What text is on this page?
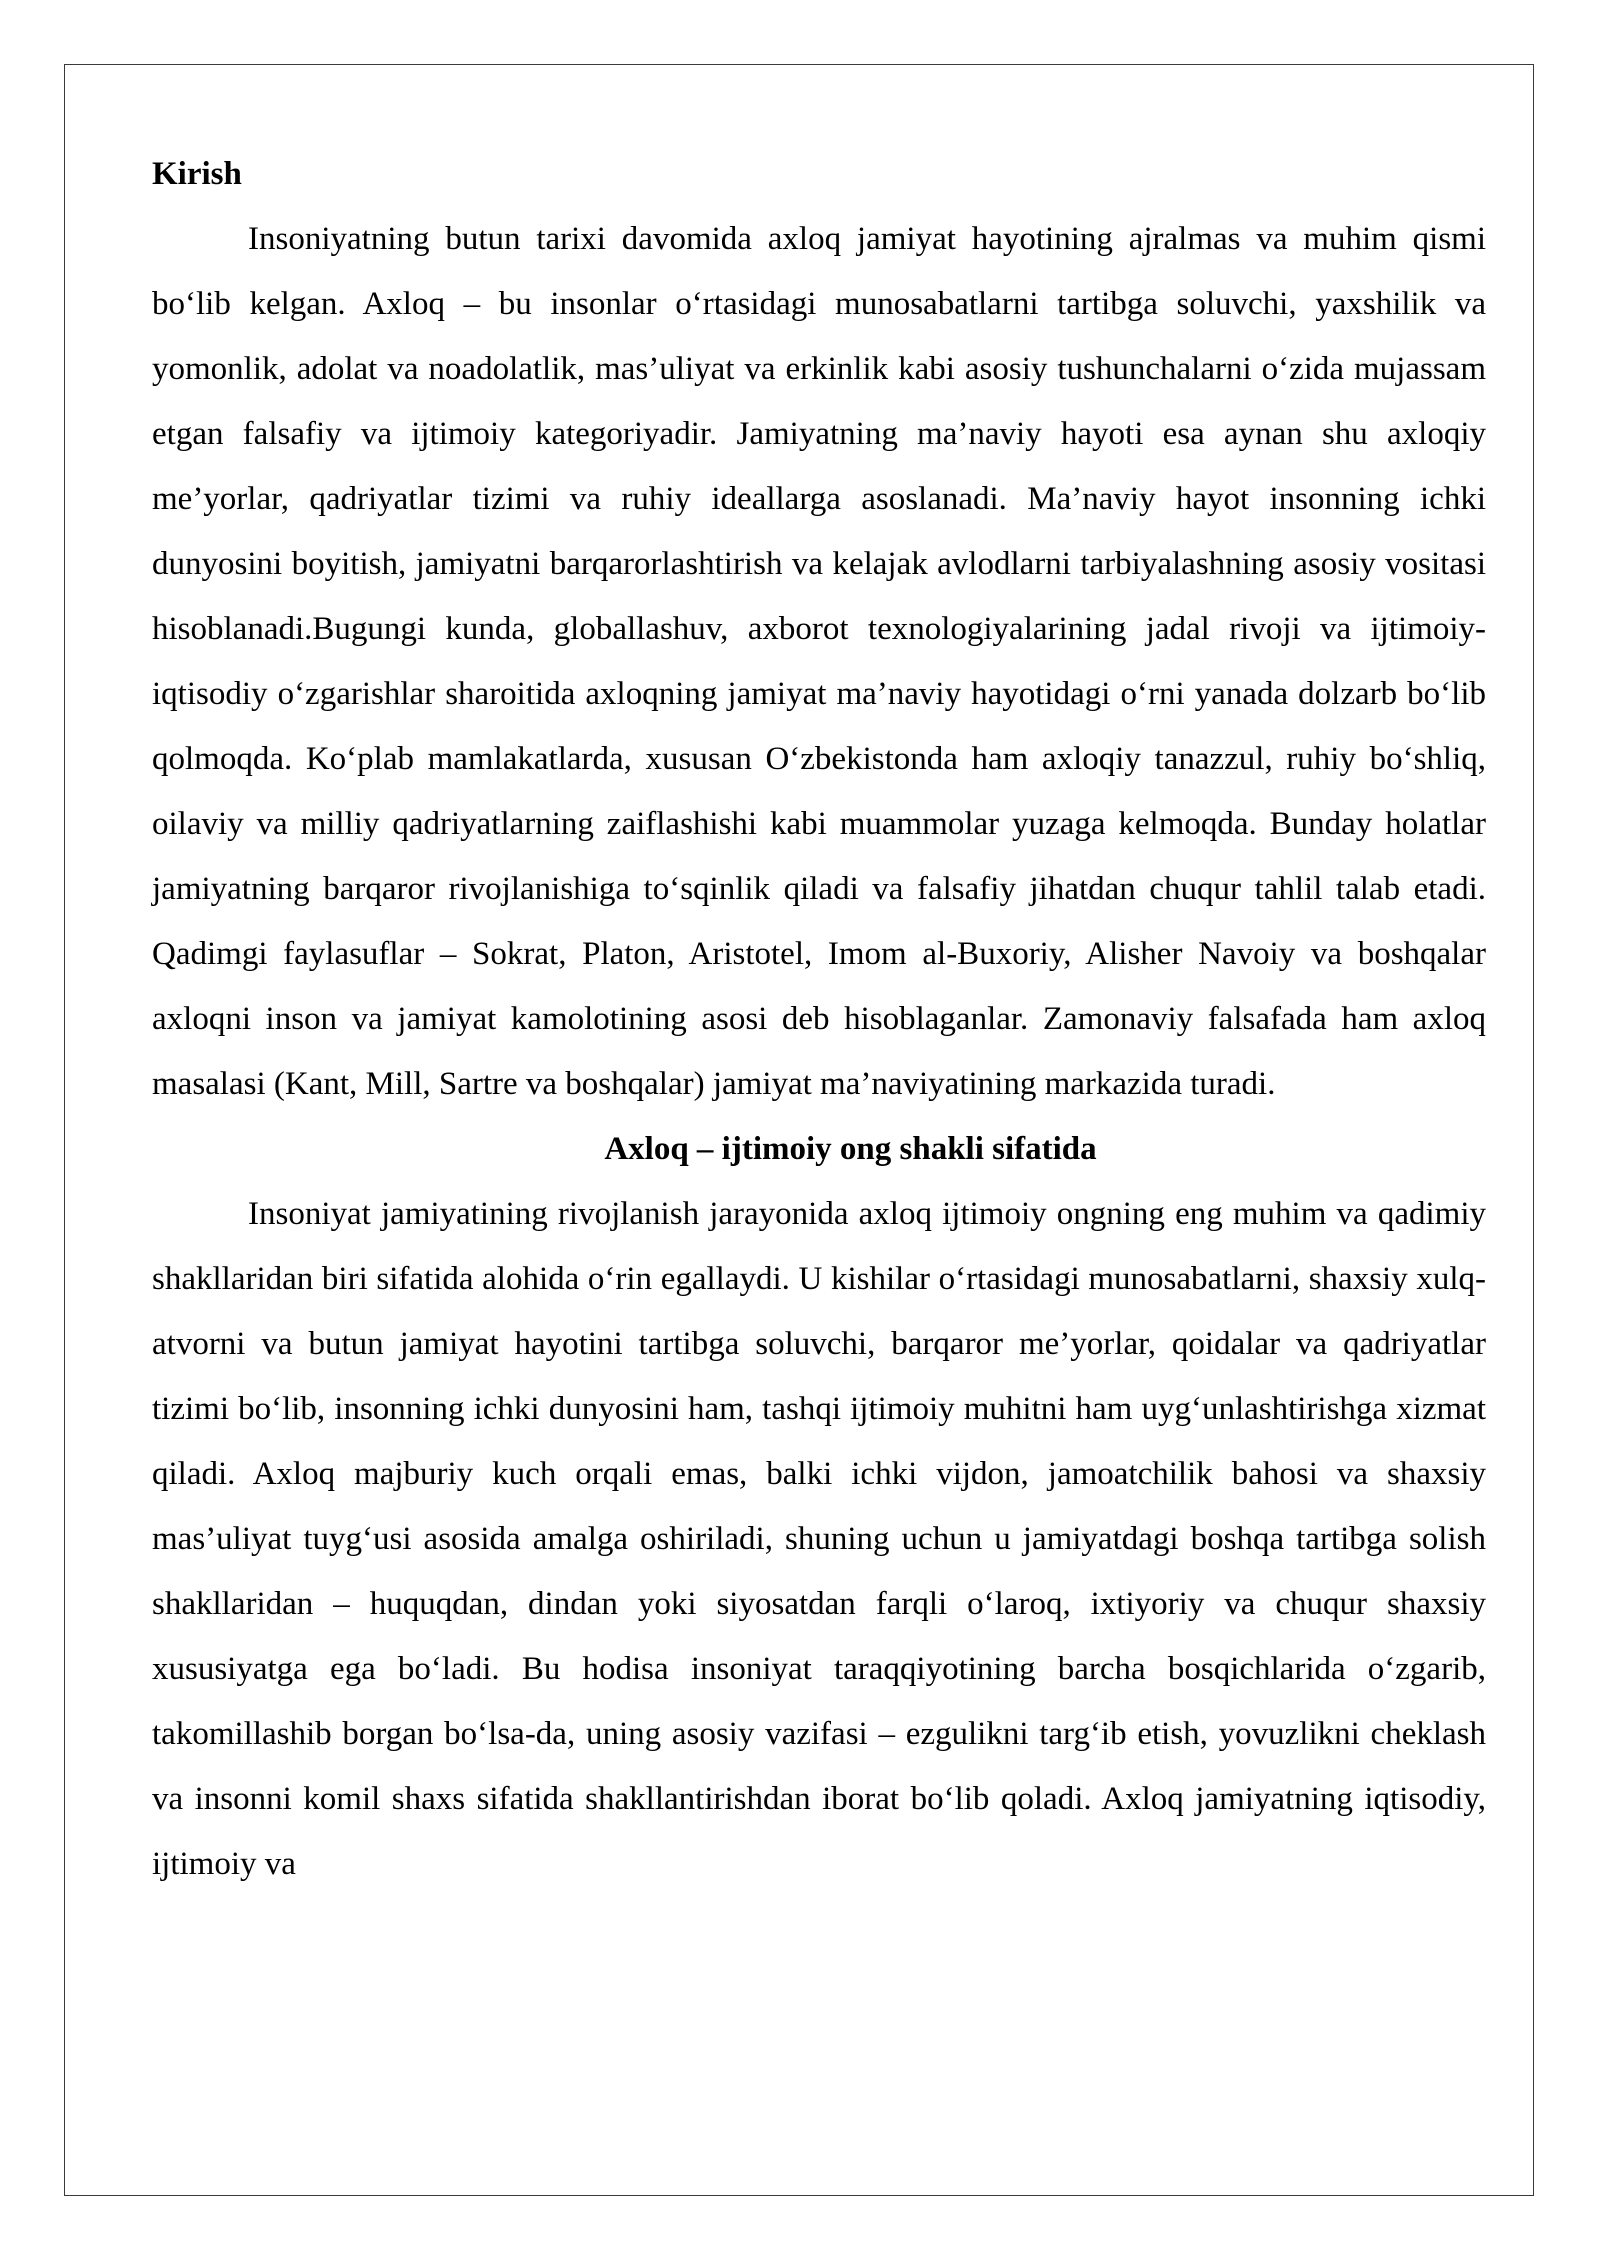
Kirish

Insoniyatning butun tarixi davomida axloq jamiyat hayotining ajralmas va muhim qismi bo‘lib kelgan. Axloq – bu insonlar o‘rtasidagi munosabatlarni tartibga soluvchi, yaxshilik va yomonlik, adolat va noadolatlik, mas’uliyat va erkinlik kabi asosiy tushunchalarni o‘zida mujassam etgan falsafiy va ijtimoiy kategoriyadir. Jamiyatning ma’naviy hayoti esa aynan shu axloqiy me’yorlar, qadriyatlar tizimi va ruhiy ideallarga asoslanadi. Ma’naviy hayot insonning ichki dunyosini boyitish, jamiyatni barqarorlashtirish va kelajak avlodlarni tarbiyalashning asosiy vositasi hisoblanadi.Bugungi kunda, globallashuv, axborot texnologiyalarining jadal rivoji va ijtimoiy-iqtisodiy o‘zgarishlar sharoitida axloqning jamiyat ma’naviy hayotidagi o‘rni yanada dolzarb bo‘lib qolmoqda. Ko‘plab mamlakatlarda, xususan O‘zbekistonda ham axloqiy tanazzul, ruhiy bo‘shliq, oilaviy va milliy qadriyatlarning zaiflashishi kabi muammolar yuzaga kelmoqda. Bunday holatlar jamiyatning barqaror rivojlanishiga to‘sqinlik qiladi va falsafiy jihatdan chuqur tahlil talab etadi. Qadimgi faylasuflar – Sokrat, Platon, Aristotel, Imom al-Buxoriy, Alisher Navoiy va boshqalar axloqni inson va jamiyat kamolotining asosi deb hisoblaganlar. Zamonaviy falsafada ham axloq masalasi (Kant, Mill, Sartre va boshqalar) jamiyat ma’naviyatining markazida turadi.

Axloq – ijtimoiy ong shakli sifatida

Insoniyat jamiyatining rivojlanish jarayonida axloq ijtimoiy ongning eng muhim va qadimiy shakllaridan biri sifatida alohida o‘rin egallaydi. U kishilar o‘rtasidagi munosabatlarni, shaxsiy xulq-atvorni va butun jamiyat hayotini tartibga soluvchi, barqaror me’yorlar, qoidalar va qadriyatlar tizimi bo‘lib, insonning ichki dunyosini ham, tashqi ijtimoiy muhitni ham uyg‘unlashtirishga xizmat qiladi. Axloq majburiy kuch orqali emas, balki ichki vijdon, jamoatchilik bahosi va shaxsiy mas’uliyat tuyg‘usi asosida amalga oshiriladi, shuning uchun u jamiyatdagi boshqa tartibga solish shakllaridan – huquqdan, dindan yoki siyosatdan farqli o‘laroq, ixtiyoriy va chuqur shaxsiy xususiyatga ega bo‘ladi. Bu hodisa insoniyat taraqqiyotining barcha bosqichlarida o‘zgarib, takomillashib borgan bo‘lsa-da, uning asosiy vazifasi – ezgulikni targ‘ib etish, yovuzlikni cheklash va insonni komil shaxs sifatida shakllantirishdan iborat bo‘lib qoladi. Axloq jamiyatning iqtisodiy, ijtimoiy va
